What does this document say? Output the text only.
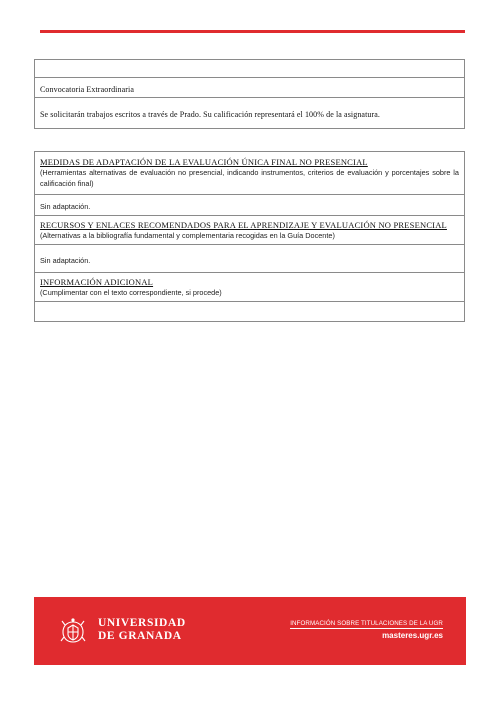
Convocatoria Extraordinaria
Se solicitarán trabajos escritos a través de Prado. Su calificación representará el 100% de la asignatura.
MEDIDAS DE ADAPTACIÓN DE LA EVALUACIÓN ÚNICA FINAL NO PRESENCIAL
(Herramientas alternativas de evaluación no presencial, indicando instrumentos, criterios de evaluación y porcentajes sobre la calificación final)

Sin adaptación.

RECURSOS Y ENLACES RECOMENDADOS PARA EL APRENDIZAJE Y EVALUACIÓN NO PRESENCIAL
(Alternativas a la bibliografía fundamental y complementaria recogidas en la Guía Docente)

Sin adaptación.

INFORMACIÓN ADICIONAL
(Cumplimentar con el texto correspondiente, si procede)

UNIVERSIDAD
DE GRANADA
INFORMACIÓN SOBRE TITULACIONES DE LA UGR
masteres.ugr.es
